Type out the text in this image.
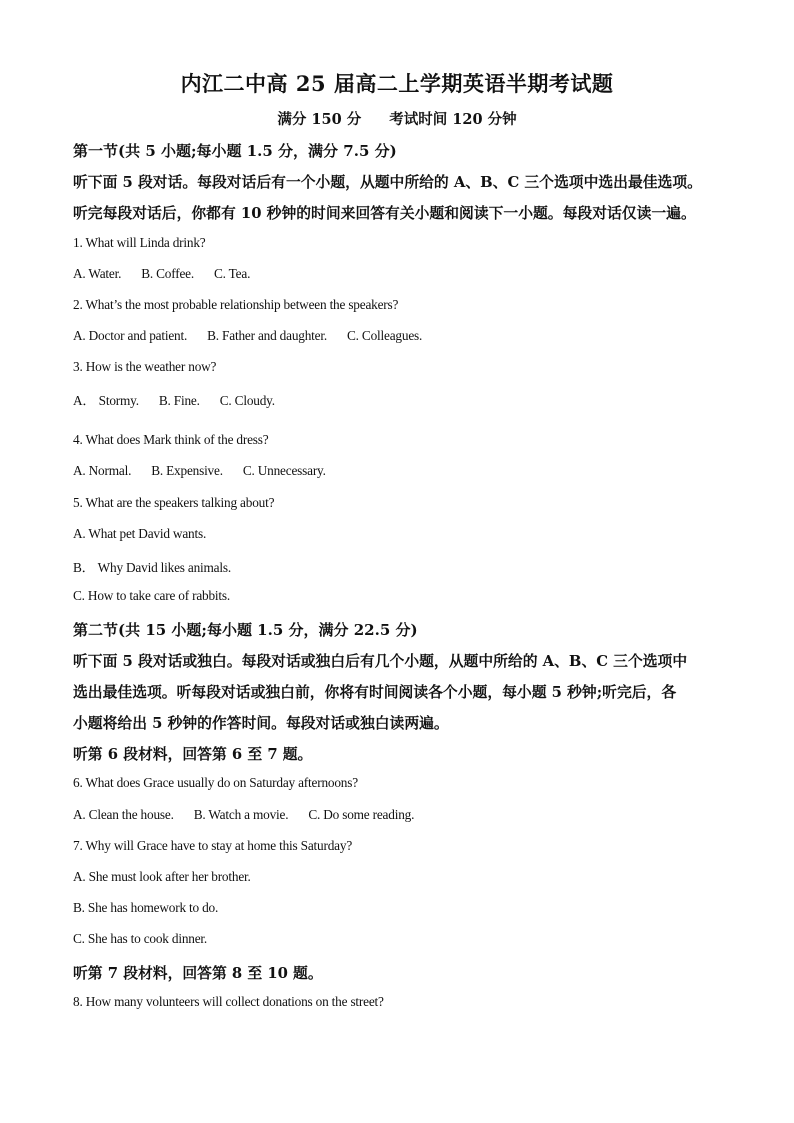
内江二中高 25 届高二上学期英语半期考试题
满分 150 分 考试时间 120 分钟
第一节(共 5 小题;每小题 1.5 分，满分 7.5 分)
听下面 5 段对话。每段对话后有一个小题，从题中所给的 A、B、C 三个选项中选出最佳选项。
听完每段对话后，你都有 10 秒钟的时间来回答有关小题和阅读下一小题。每段对话仅读一遍。
1. What will Linda drink?
A. Water. B. Coffee. C. Tea.
2. What’s the most probable relationship between the speakers?
A. Doctor and patient. B. Father and daughter. C. Colleagues.
3. How is the weather now?
A． Stormy. B. Fine. C. Cloudy.
4. What does Mark think of the dress?
A. Normal. B. Expensive. C. Unnecessary.
5. What are the speakers talking about?
A. What pet David wants.
B． Why David likes animals.
C. How to take care of rabbits.
第二节(共 15 小题;每小题 1.5 分，满分 22.5 分)
听下面 5 段对话或独白。每段对话或独白后有几个小题，从题中所给的 A、B、C 三个选项中
选出最佳选项。听每段对话或独白前，你将有时间阅读各个小题，每小题 5 秒钟;听完后，各
小题将给出 5 秒钟的作答时间。每段对话或独白读两遍。
听第 6 段材料，回答第 6 至 7 题。
6. What does Grace usually do on Saturday afternoons?
A. Clean the house. B. Watch a movie. C. Do some reading.
7. Why will Grace have to stay at home this Saturday?
A. She must look after her brother.
B. She has homework to do.
C. She has to cook dinner.
听第 7 段材料，回答第 8 至 10 题。
8. How many volunteers will collect donations on the street?
